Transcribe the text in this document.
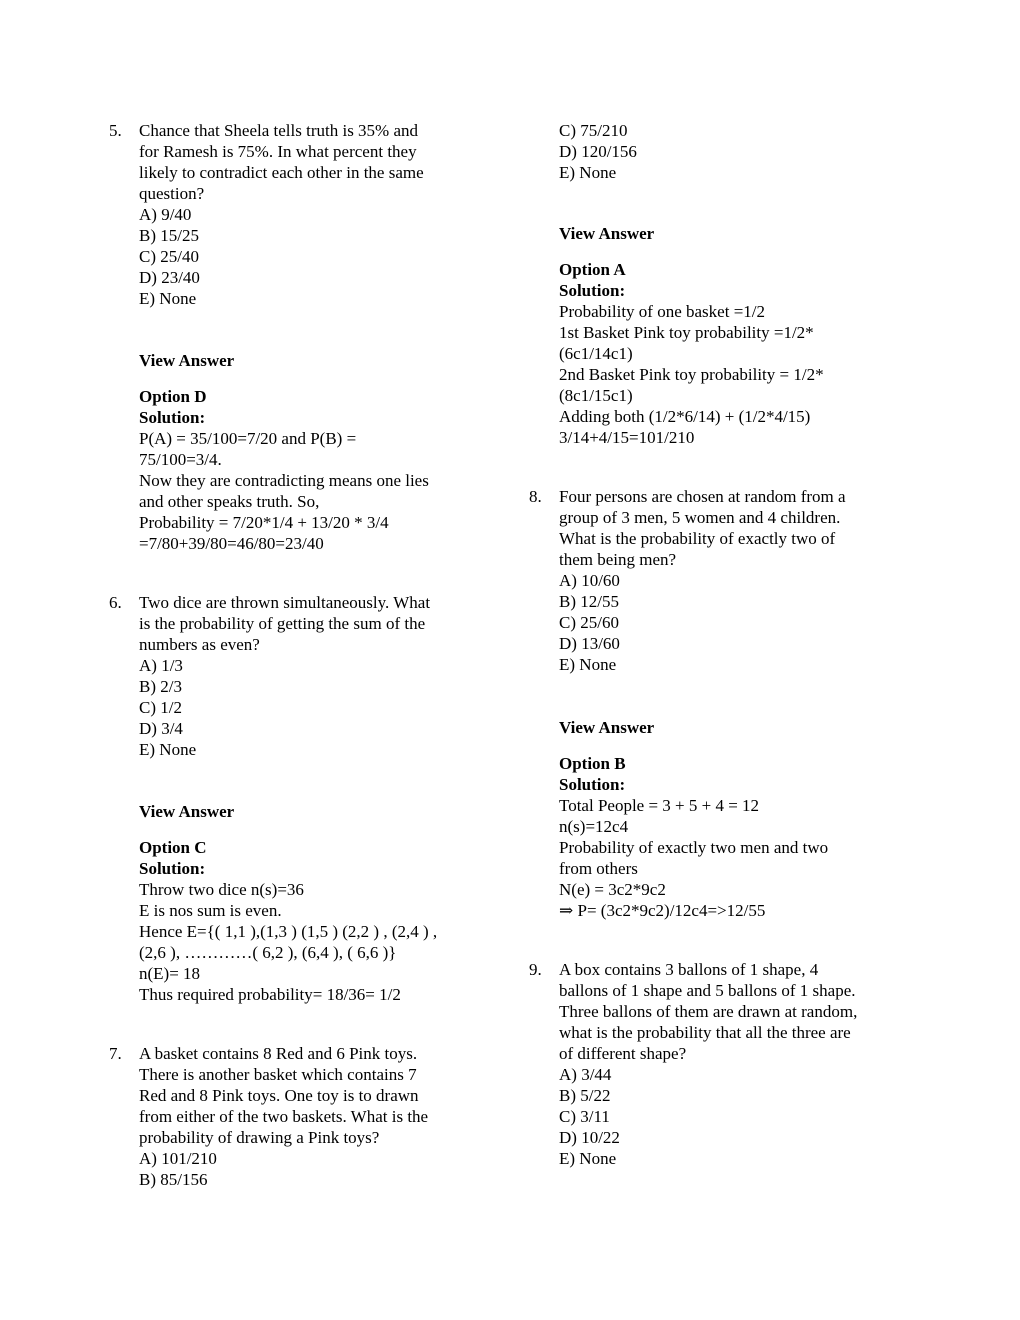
Chance that Sheela tells truth is 35% and
for Ramesh is 75%. In what percent they
likely to contradict each other in the same
question?
A) 9/40
B) 15/25
C) 25/40
D) 23/40
E) None
5.
View Answer
Option D
Solution:
P(A) = 35/100=7/20 and P(B) =
75/100=3/4.
Now they are contradicting means one lies
and other speaks truth. So,
Probability = 7/20*1/4 + 13/20 * 3/4
=7/80+39/80=46/80=23/40
Two dice are thrown simultaneously. What
is the probability of getting the sum of the
numbers as even?
A) 1/3
B) 2/3
C) 1/2
D) 3/4
E) None
6.
View Answer
Option C
Solution:
Throw two dice n(s)=36
E is nos sum is even.
Hence E={( 1,1 ),(1,3 ) (1,5 ) (2,2 ) , (2,4 ) ,
(2,6 ), …………( 6,2 ), (6,4 ), ( 6,6 )}
n(E)= 18
Thus required probability= 18/36= 1/2
A basket contains 8 Red and 6 Pink toys.
There is another basket which contains 7
Red and 8 Pink toys. One toy is to drawn
from either of the two baskets. What is the
probability of drawing a Pink toys?
A) 101/210
B) 85/156
7.
C) 75/210
D) 120/156
E) None
View Answer
Option A
Solution:
Probability of one basket =1/2
1st Basket Pink toy probability =1/2*
(6c1/14c1)
2nd Basket Pink toy probability = 1/2*
(8c1/15c1)
Adding both (1/2*6/14) + (1/2*4/15)
3/14+4/15=101/210
Four persons are chosen at random from a
group of 3 men, 5 women and 4 children.
What is the probability of exactly two of
them being men?
A) 10/60
B) 12/55
C) 25/60
D) 13/60
E) None
8.
View Answer
Option B
Solution:
Total People = 3 + 5 + 4 = 12
n(s)=12c4
Probability of exactly two men and two
from others
N(e) = 3c2*9c2
⇒ P= (3c2*9c2)/12c4=>12/55
A box contains 3 ballons of 1 shape, 4
ballons of 1 shape and 5 ballons of 1 shape.
Three ballons of them are drawn at random,
what is the probability that all the three are
of different shape?
A) 3/44
B) 5/22
C) 3/11
D) 10/22
E) None
9.
